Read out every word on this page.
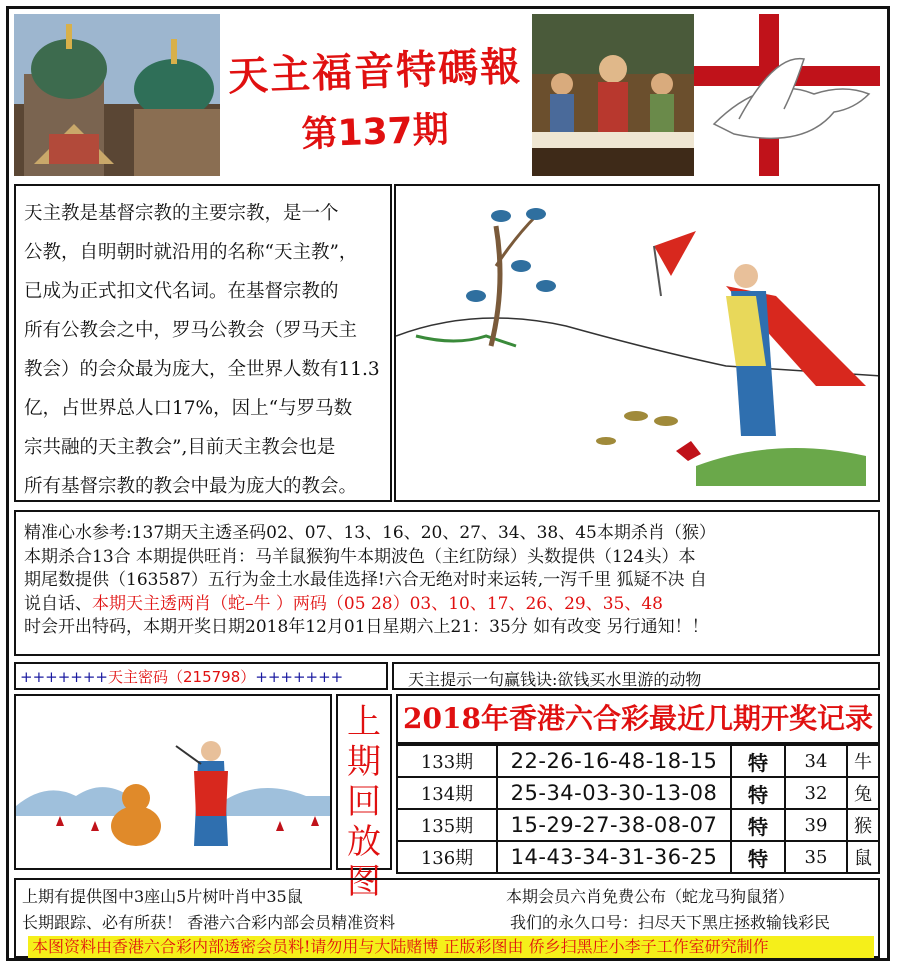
天主福音特碼報
第137期
天主教是基督宗教的主要宗教，是一个
公教，自明朝时就沿用的名称“天主教”，
已成为正式扣文代名词。在基督宗教的
所有公教会之中，罗马公教会（罗马天主
教会）的会众最为庞大，全世界人数有11.3
亿，占世界总人口17%，因上“与罗马数
宗共融的天主教会”,目前天主教会也是
所有基督宗教的教会中最为庞大的教会。
精准心水参考:137期天主透圣码02、07、13、16、20、27、34、38、45本期杀肖（猴）
本期杀合13合 本期提供旺肖：马羊鼠猴狗牛本期波色（主红防绿）头数提供（124头）本
期尾数提供（163587）五行为金土水最佳选择!六合无绝对时来运转,一泻千里 狐疑不决 自
说自话、本期天主透两肖（蛇–牛 ）两码（05 28）03、10、17、26、29、35、48
时会开出特码，本期开奖日期2018年12月01日星期六上21：35分 如有改变 另行通知！！
+++++++天主密码（215798）+++++++	天主提示一句赢钱诀:欲钱买水里游的动物
上
期
回
放
图
2018年香港六合彩最近几期开奖记录
133期	22-26-16-48-18-15	特	34	牛
134期	25-34-03-30-13-08	特	32	兔
135期	15-29-27-38-08-07	特	39	猴
136期	14-43-34-31-36-25	特	35	鼠
上期有提供图中3座山5片树叶肖中35鼠	本期会员六肖免费公布（蛇龙马狗鼠猪）
长期跟踪、必有所获！ 香港六合彩内部会员精准资料	我们的永久口号：扫尽天下黑庄拯救输钱彩民
本图资料由香港六合彩内部透密会员料!请勿用与大陆赌博 正版彩图由 侨乡扫黑庄小李子工作室研究制作
